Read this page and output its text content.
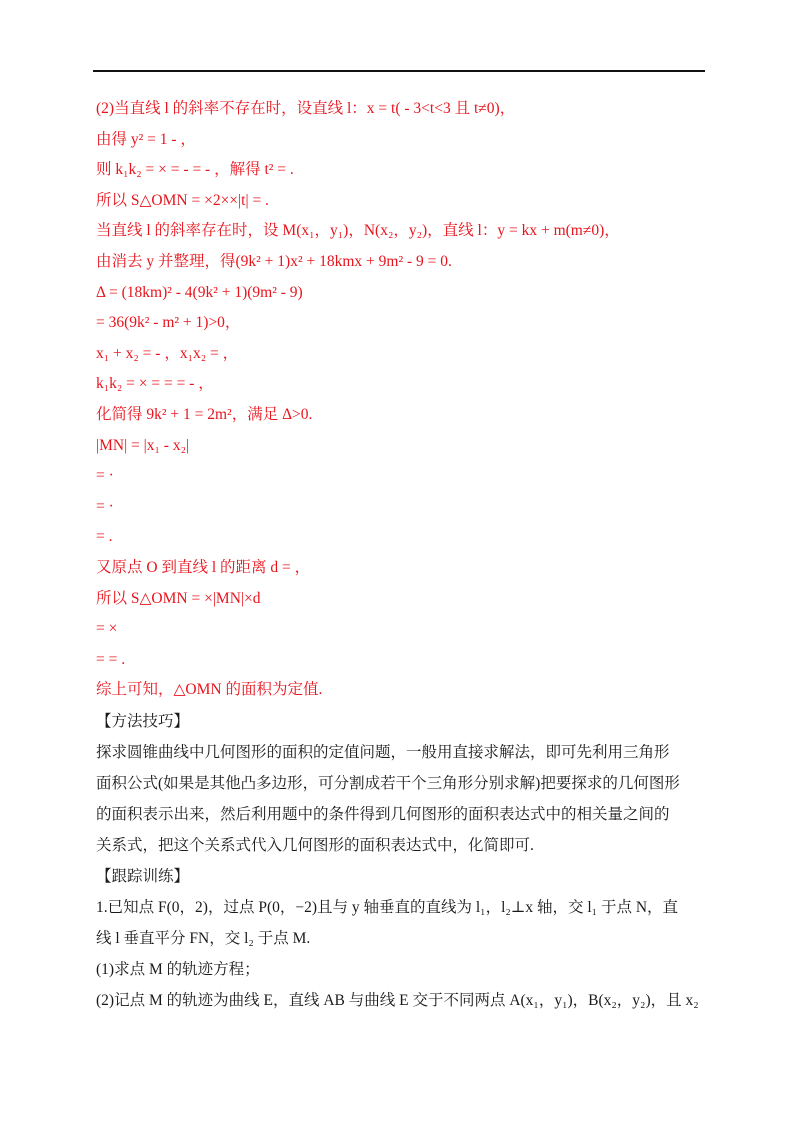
(2)当直线 l 的斜率不存在时，设直线 l：x = t( - 3<t<3 且 t≠0)，
由得 y² = 1 - ，
则 k₁k₂ = × = - = - ，解得 t² = .
所以 S△OMN = ×2××|t| = .
当直线 l 的斜率存在时，设 M(x₁，y₁)，N(x₂，y₂)，直线 l：y = kx + m(m≠0)，
由消去 y 并整理，得(9k² + 1)x² + 18kmx + 9m² - 9 = 0.
Δ = (18km)² - 4(9k² + 1)(9m² - 9)
= 36(9k² - m² + 1)>0，
x₁ + x₂ = - ，x₁x₂ = ，
k₁k₂ = × = = = - ，
化简得 9k² + 1 = 2m²，满足 Δ>0.
|MN| = |x₁ - x₂|
= ·
= ·
= .
又原点 O 到直线 l 的距离 d = ，
所以 S△OMN = ×|MN|×d
= ×
= = .
综上可知，△OMN 的面积为定值.
【方法技巧】
探求圆锥曲线中几何图形的面积的定值问题，一般用直接求解法，即可先利用三角形
面积公式(如果是其他凸多边形，可分割成若干个三角形分别求解)把要探求的几何图形
的面积表示出来，然后利用题中的条件得到几何图形的面积表达式中的相关量之间的
关系式，把这个关系式代入几何图形的面积表达式中，化简即可.
【跟踪训练】
1.已知点 F(0，2)，过点 P(0，−2)且与 y 轴垂直的直线为 l₁，l₂⊥x 轴，交 l₁ 于点 N，直
线 l 垂直平分 FN，交 l₂ 于点 M.
(1)求点 M 的轨迹方程；
(2)记点 M 的轨迹为曲线 E，直线 AB 与曲线 E 交于不同两点 A(x₁，y₁)，B(x₂，y₂)，且 x₂
